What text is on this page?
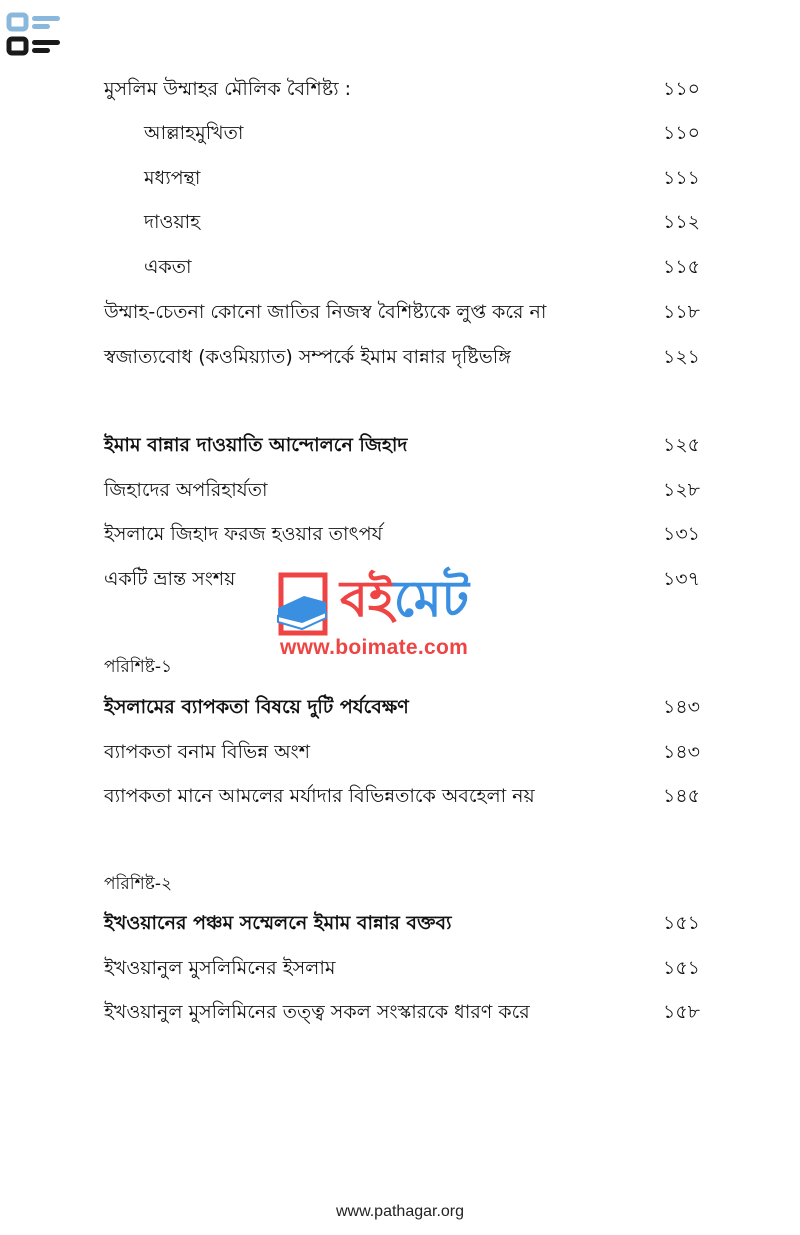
মুসলিম উম্মাহর মৌলিক বৈশিষ্ট্য :	১১০
আল্লাহমুখিতা	১১০
মধ্যপন্থা	১১১
দাওয়াহ	১১২
একতা	১১৫
উম্মাহ-চেতনা কোনো জাতির নিজস্ব বৈশিষ্ট্যকে লুপ্ত করে না	১১৮
স্বজাত্যবোধ (কওমিয়্যাত) সম্পর্কে ইমাম বান্নার দৃষ্টিভঙ্গি	১২১
ইমাম বান্নার দাওয়াতি আন্দোলনে জিহাদ	১২৫
জিহাদের অপরিহার্যতা	১২৮
ইসলামে জিহাদ ফরজ হওয়ার তাৎপর্য	১৩১
একটি ভ্রান্ত সংশয়	১৩৭
পরিশিষ্ট-১
ইসলামের ব্যাপকতা বিষয়ে দুটি পর্যবেক্ষণ	১৪৩
ব্যাপকতা বনাম বিভিন্ন অংশ	১৪৩
ব্যাপকতা মানে আমলের মর্যাদার বিভিন্নতাকে অবহেলা নয়	১৪৫
পরিশিষ্ট-২
ইখওয়ানের পঞ্চম সম্মেলনে ইমাম বান্নার বক্তব্য	১৫১
ইখওয়ানুল মুসলিমিনের ইসলাম	১৫১
ইখওয়ানুল মুসলিমিনের তত্ত্ব সকল সংস্কারকে ধারণ করে	১৫৮
বইমেট
www.boimate.com
www.pathagar.org
